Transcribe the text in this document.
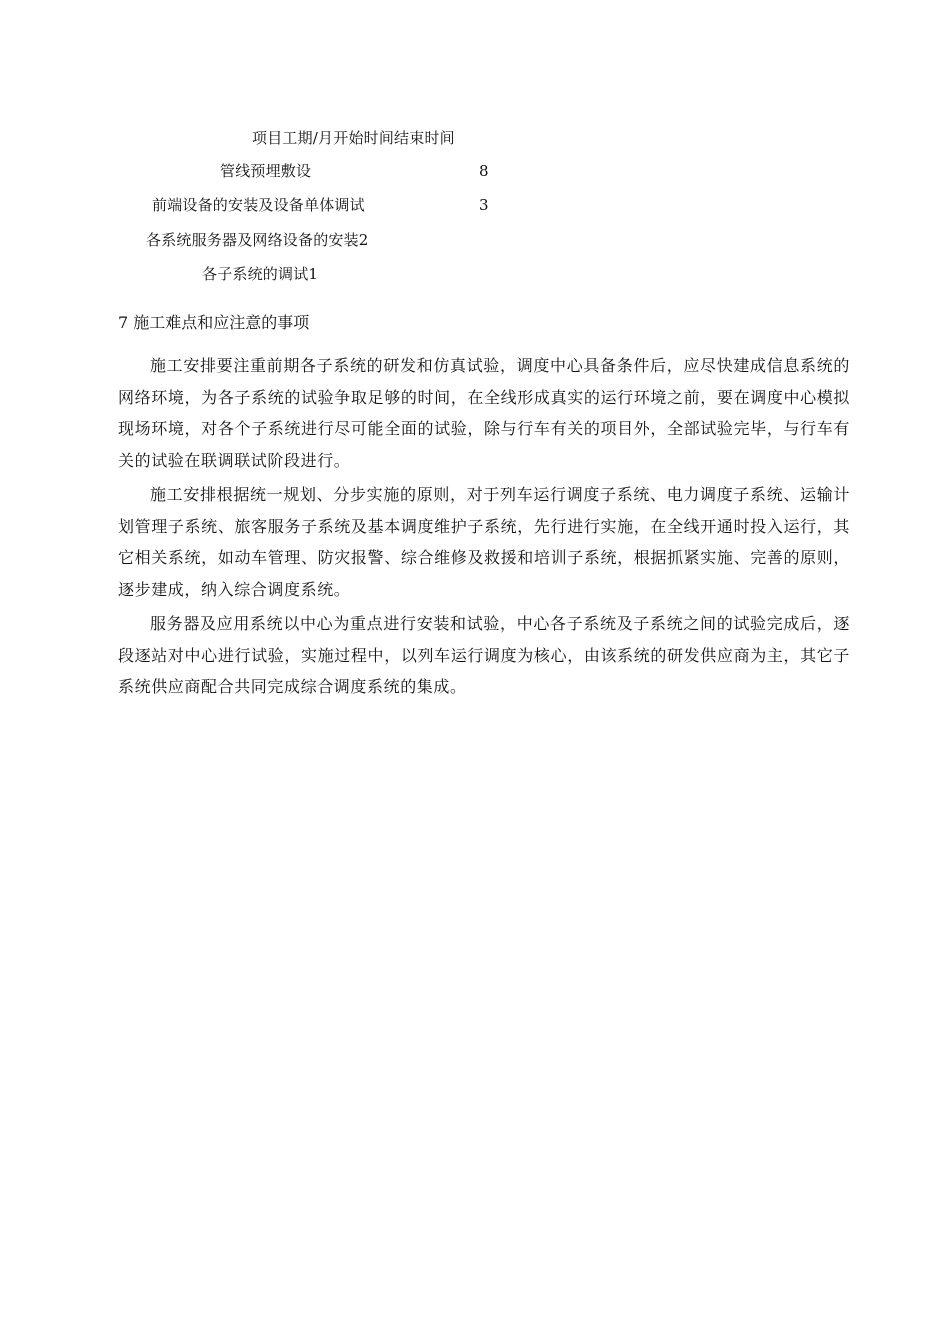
项目工期/月开始时间结束时间
管线预埋敷设	8
前端设备的安装及设备单体调试	3
各系统服务器及网络设备的安装2
各子系统的调试1
7 施工难点和应注意的事项

施工安排要注重前期各子系统的研发和仿真试验，调度中心具备条件后，应尽快建成信息系统的网络环境，为各子系统的试验争取足够的时间，在全线形成真实的运行环境之前，要在调度中心模拟现场环境，对各个子系统进行尽可能全面的试验，除与行车有关的项目外，全部试验完毕，与行车有关的试验在联调联试阶段进行。

施工安排根据统一规划、分步实施的原则，对于列车运行调度子系统、电力调度子系统、运输计划管理子系统、旅客服务子系统及基本调度维护子系统，先行进行实施，在全线开通时投入运行，其它相关系统，如动车管理、防灾报警、综合维修及救援和培训子系统，根据抓紧实施、完善的原则，逐步建成，纳入综合调度系统。

服务器及应用系统以中心为重点进行安装和试验，中心各子系统及子系统之间的试验完成后，逐段逐站对中心进行试验，实施过程中，以列车运行调度为核心，由该系统的研发供应商为主，其它子系统供应商配合共同完成综合调度系统的集成。
